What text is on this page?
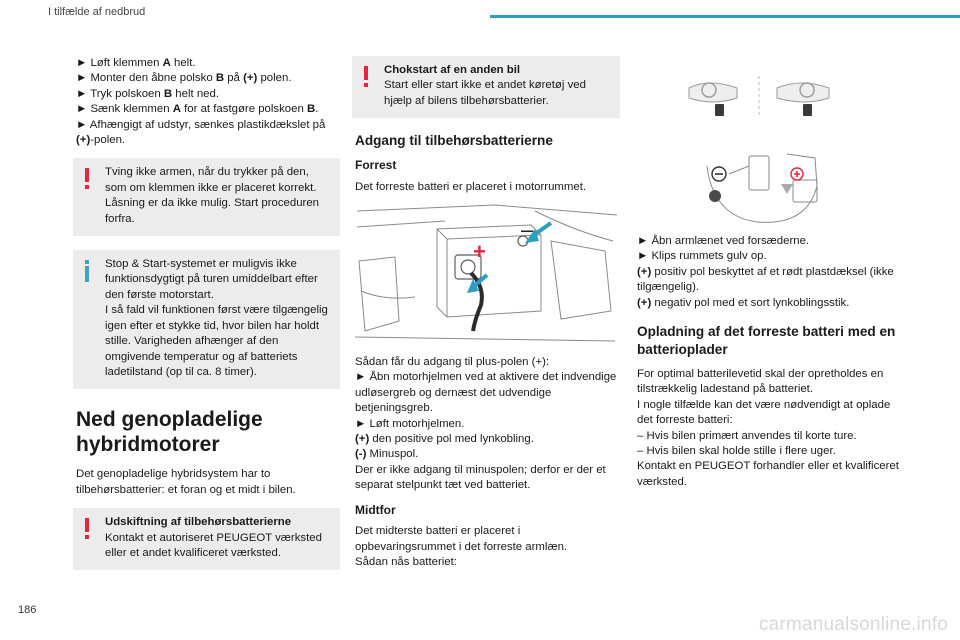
I tilfælde af nedbrud

► Løft klemmen A helt.

► Monter den åbne polsko B på (+) polen.

► Tryk polskoen B helt ned.

► Sænk klemmen A for at fastgøre polskoen B.

► Afhængigt af udstyr, sænkes plastikdækslet på (+)-polen.

Tving ikke armen, når du trykker på den, som om klemmen ikke er placeret korrekt. Låsning er da ikke mulig. Start proceduren forfra.

Stop & Start-systemet er muligvis ikke funktionsdygtigt på turen umiddelbart efter den første motorstart.
I så fald vil funktionen først være tilgængelig igen efter et stykke tid, hvor bilen har holdt stille. Varigheden afhænger af den omgivende temperatur og af batteriets ladetilstand (op til ca. 8 timer).

Ned genopladelige hybridmotorer

Det genopladelige hybridsystem har to tilbehørsbatterier: et foran og et midt i bilen.

Udskiftning af tilbehørsbatterierne

Kontakt et autoriseret PEUGEOT værksted eller et andet kvalificeret værksted.

Chokstart af en anden bil

Start eller start ikke et andet køretøj ved hjælp af bilens tilbehørsbatterier.

Adgang til tilbehørsbatterierne
Forrest

Det forreste batteri er placeret i motorrummet.

–
+

Sådan får du adgang til plus-polen (+):

► Åbn motorhjelmen ved at aktivere det indvendige udløsergreb og dernæst det udvendige betjeningsgreb.

► Løft motorhjelmen.

(+) den positive pol med lynkobling.

(-) Minuspol.

Der er ikke adgang til minuspolen; derfor er der et separat stelpunkt tæt ved batteriet.

Midtfor

Det midterste batteri er placeret i opbevaringsrummet i det forreste armlæn.
Sådan nås batteriet:

► Åbn armlænet ved forsæderne.

► Klips rummets gulv op.

(+) positiv pol beskyttet af et rødt plastdæksel (ikke tilgængelig).

(+) negativ pol med et sort lynkoblingsstik.

Opladning af det forreste batteri med en batterioplader

For optimal batterilevetid skal der opretholdes en tilstrækkelig ladestand på batteriet.

I nogle tilfælde kan det være nødvendigt at oplade det forreste batteri:

– Hvis bilen primært anvendes til korte ture.

– Hvis bilen skal holde stille i flere uger.

Kontakt en PEUGEOT forhandler eller et kvalificeret værksted.

186
carmanualsonline.info
